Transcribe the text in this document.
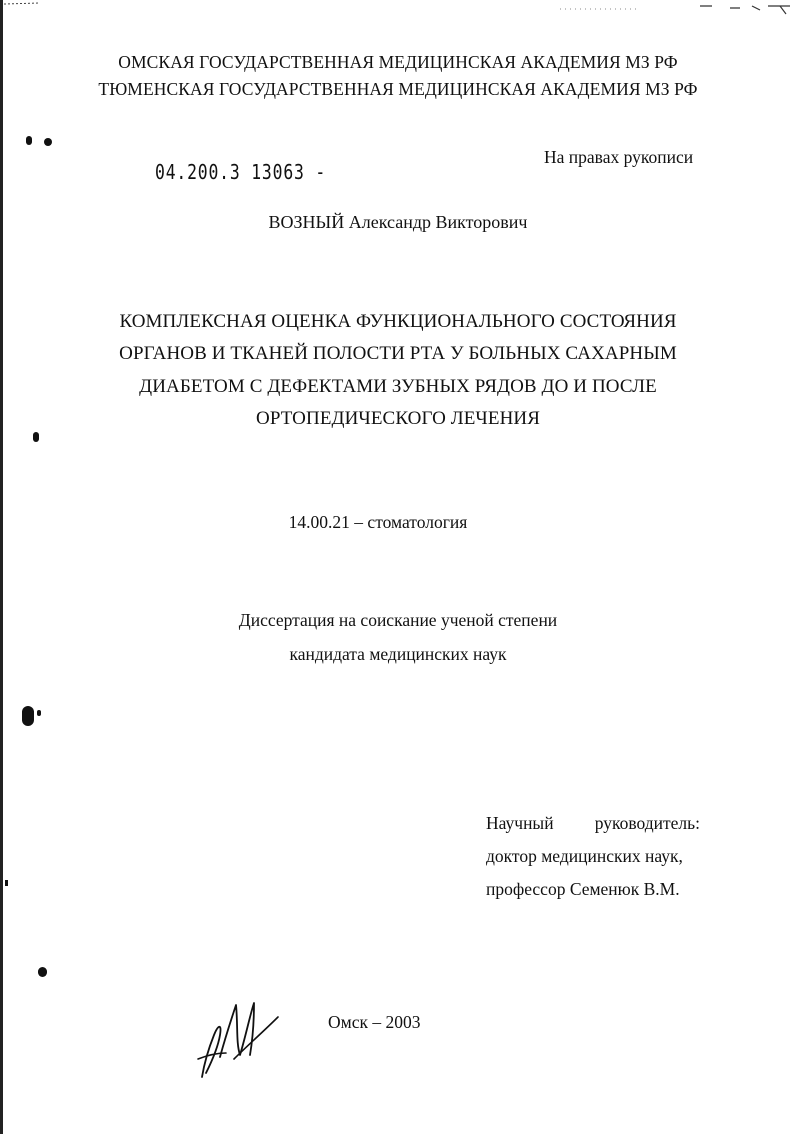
ОМСКАЯ ГОСУДАРСТВЕННАЯ МЕДИЦИНСКАЯ АКАДЕМИЯ МЗ РФ
ТЮМЕНСКАЯ ГОСУДАРСТВЕННАЯ МЕДИЦИНСКАЯ АКАДЕМИЯ МЗ РФ
04.200.3 13063 -
На правах рукописи
ВОЗНЫЙ Александр Викторович
КОМПЛЕКСНАЯ ОЦЕНКА ФУНКЦИОНАЛЬНОГО СОСТОЯНИЯ
ОРГАНОВ И ТКАНЕЙ ПОЛОСТИ РТА У БОЛЬНЫХ САХАРНЫМ
ДИАБЕТОМ С ДЕФЕКТАМИ ЗУБНЫХ РЯДОВ ДО И ПОСЛЕ
ОРТОПЕДИЧЕСКОГО ЛЕЧЕНИЯ
14.00.21 – стоматология
Диссертация на соискание ученой степени
кандидата медицинских наук
Научный руководитель:
доктор медицинских наук,
профессор Семенюк В.М.
Омск – 2003
